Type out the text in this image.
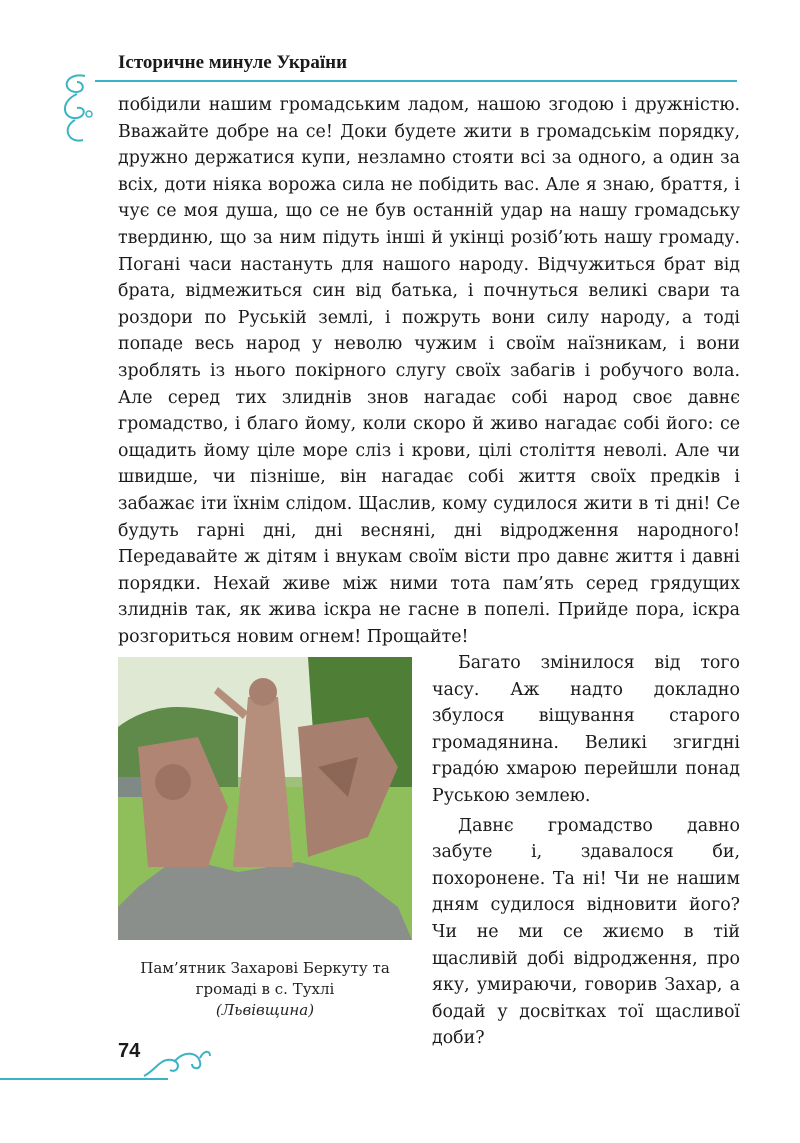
Історичне минуле України

побідили нашим громадським ладом, нашою згодою і дружністю. Вважайте добре на се! Доки будете жити в громадськім порядку, дружно держатися купи, незламно стояти всі за одного, а один за всіх, доти ніяка ворожа сила не побідить вас. Але я знаю, браття, і чує се моя душа, що се не був останній удар на нашу громадську твердиню, що за ним підуть інші й укінці розіб’ють нашу громаду. Погані часи настануть для нашого народу. Відчужиться брат від брата, відмежиться син від батька, і почнуться великі свари та роздори по Руській землі, і пожруть вони силу народу, а тоді попаде весь народ у неволю чужим і своїм наїзникам, і вони зроблять із нього покірного слугу своїх забагів і робучого вола. Але серед тих злиднів знов нагадає собі народ своє давнє громадство, і благо йому, коли скоро й живо нагадає собі його: се ощадить йому ціле море сліз і крови, цілі століття неволі. Але чи швидше, чи пізніше, він нагадає собі життя своїх предків і забажає іти їхнім слідом. Щаслив, кому судилося жити в ті дні! Се будуть гарні дні, дні весняні, дні відродження народного! Передавайте ж дітям і внукам своїм вісти про давнє життя і давні порядки. Нехай живе між ними тота пам’ять серед грядущих злиднів так, як жива іскра не гасне в попелі. Прийде пора, іскра розгориться новим огнем! Прощайте!

Пам’ятник Захарові Беркуту та
громаді в с. Тухлі
(Львівщина)

Багато змінилося від того часу. Аж надто докладно збулося віщування старого громадянина. Великі згигдні градо́ю хмарою перейшли понад Руською землею.

Давнє громадство давно забуте і, здавалося би, похоронене. Та ні! Чи не нашим дням судилося відновити його? Чи не ми се жиємо в тій щасливій добі відродження, про яку, умираючи, говорив Захар, а бодай у досвітках тої щасливої доби?

74
